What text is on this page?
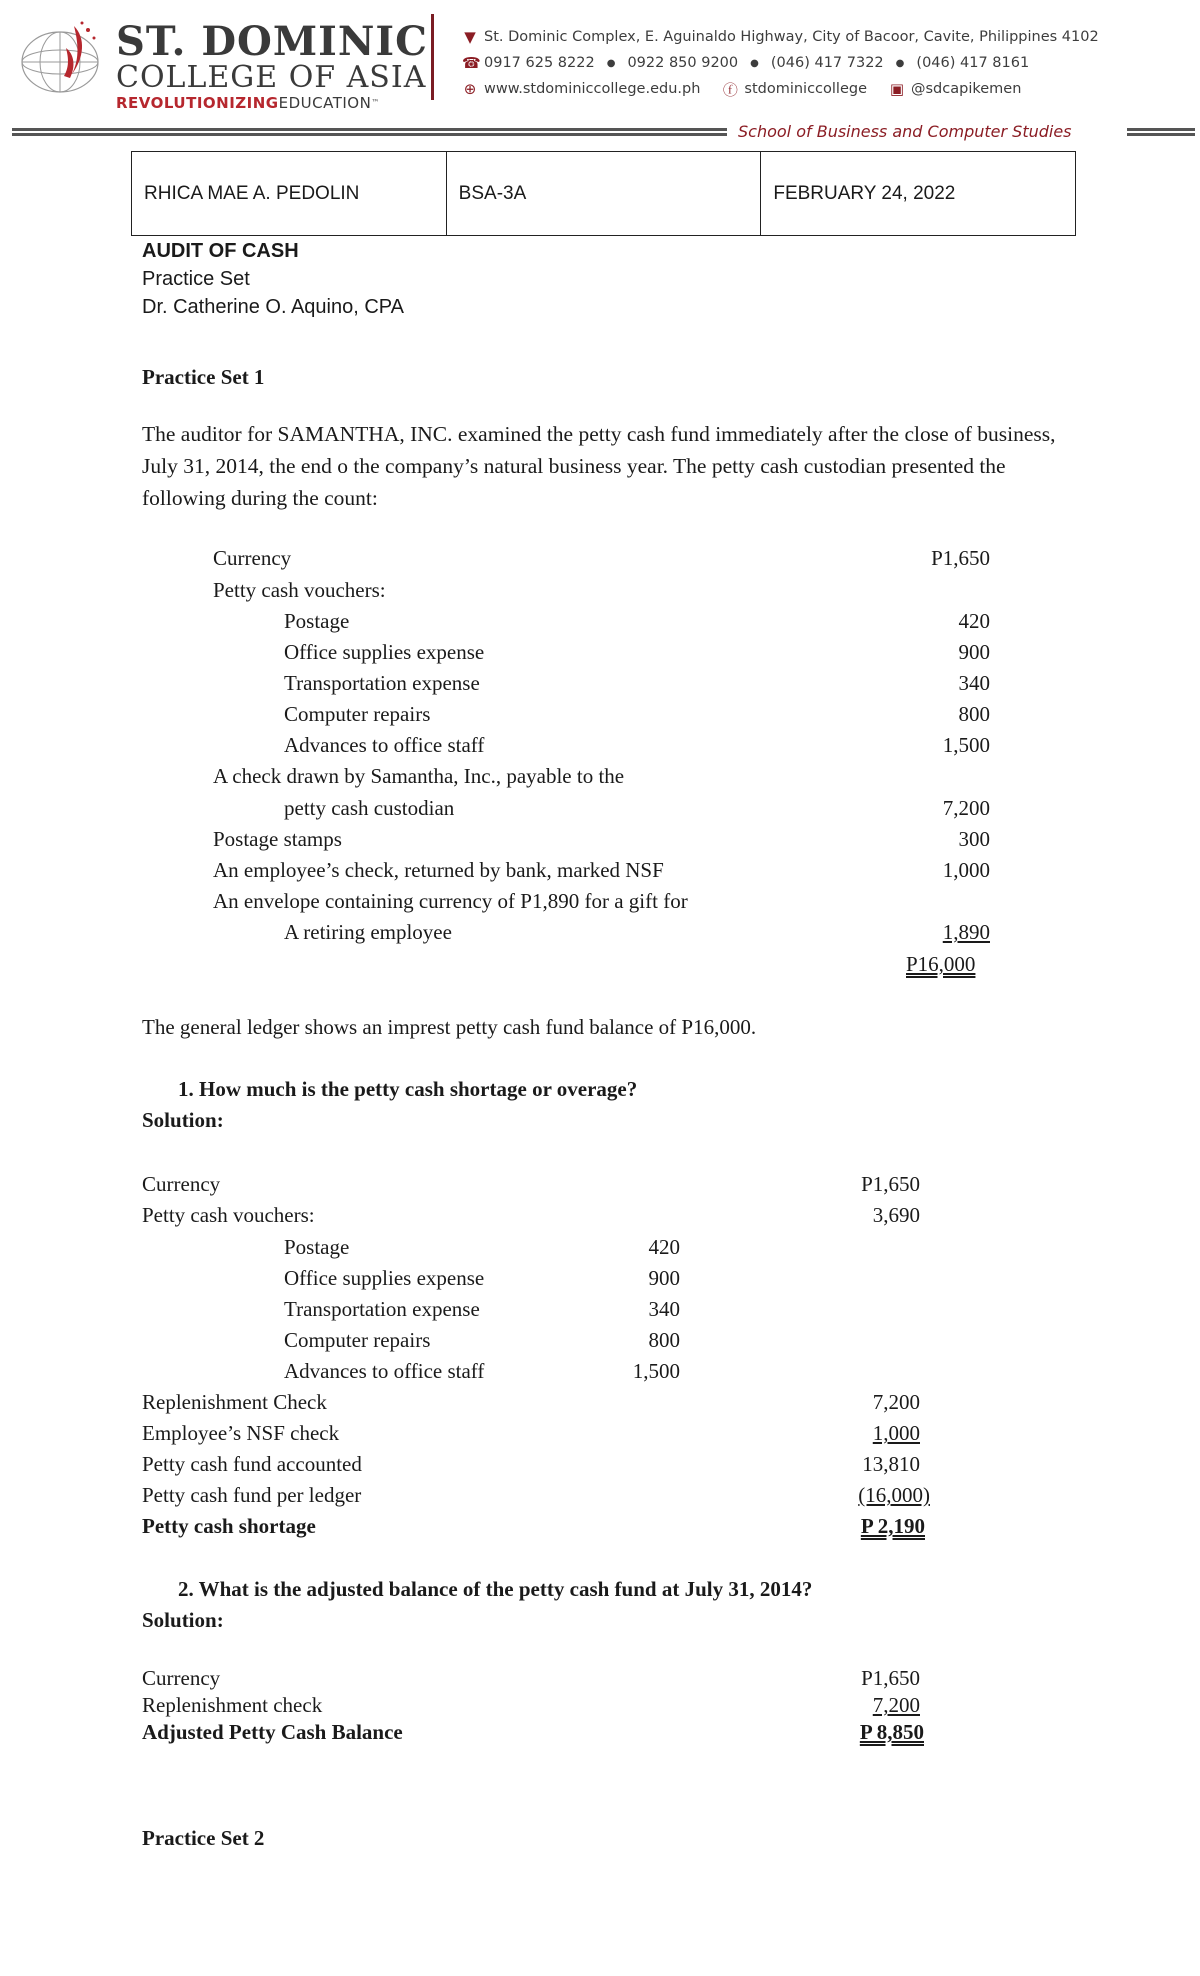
ST. DOMINIC
COLLEGE OF ASIA
REVOLUTIONIZINGEDUCATION™
▼ St. Dominic Complex, E. Aguinaldo Highway, City of Bacoor, Cavite, Philippines 4102
☎ 0917 625 8222 ● 0922 850 9200 ● (046) 417 7322 ● (046) 417 8161
⊕ www.stdominiccollege.edu.ph ⓕ stdominiccollege ▣ @sdcapikemen
School of Business and Computer Studies
RHICA MAE A. PEDOLIN	BSA-3A	FEBRUARY 24, 2022
AUDIT OF CASH
Practice Set
Dr. Catherine O. Aquino, CPA
Practice Set 1
The auditor for SAMANTHA, INC. examined the petty cash fund immediately after the close of business, July 31, 2014, the end o the company’s natural business year. The petty cash custodian presented the following during the count:
Currency	P1,650
Petty cash vouchers:
Postage	420
Office supplies expense	900
Transportation expense	340
Computer repairs	800
Advances to office staff	1,500
A check drawn by Samantha, Inc., payable to the
petty cash custodian	7,200
Postage stamps	300
An employee’s check, returned by bank, marked NSF	1,000
An envelope containing currency of P1,890 for a gift for
A retiring employee	1,890
P16,000
The general ledger shows an imprest petty cash fund balance of P16,000.
1. How much is the petty cash shortage or overage?
Solution:
Currency	P1,650
Petty cash vouchers:	3,690
Postage	420
Office supplies expense	900
Transportation expense	340
Computer repairs	800
Advances to office staff	1,500
Replenishment Check	7,200
Employee’s NSF check	1,000
Petty cash fund accounted	13,810
Petty cash fund per ledger	(16,000)
Petty cash shortage	P 2,190
2. What is the adjusted balance of the petty cash fund at July 31, 2014?
Solution:
Currency	P1,650
Replenishment check	7,200
Adjusted Petty Cash Balance	P 8,850
Practice Set 2
